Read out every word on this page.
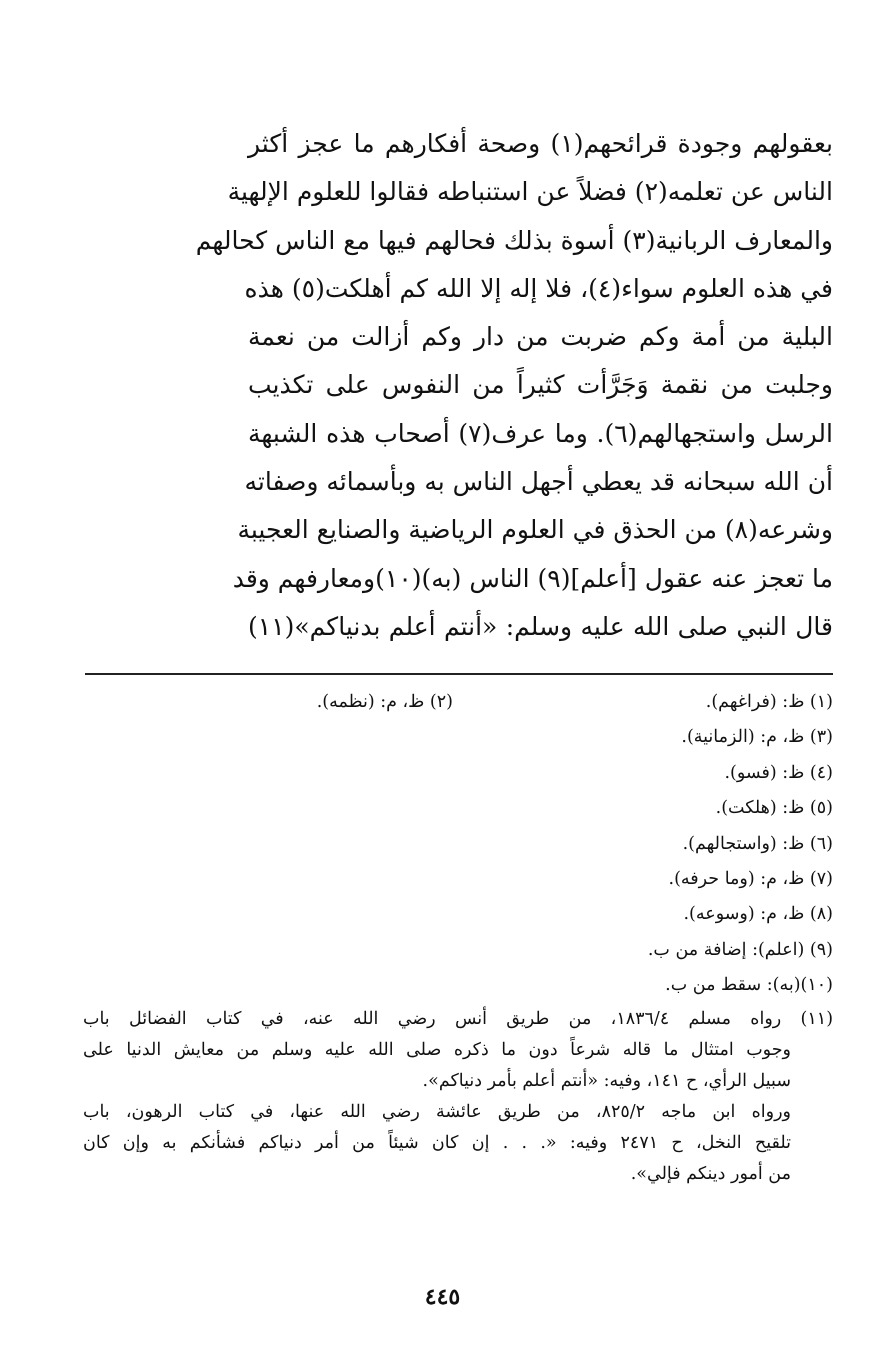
بعقولهم وجودة قرائحهم(١) وصحة أفكارهم ما عجز أكثر
الناس عن تعلمه(٢) فضلاً عن استنباطه فقالوا للعلوم الإلهية
والمعارف الربانية(٣) أسوة بذلك فحالهم فيها مع الناس كحالهم
في هذه العلوم سواء(٤)، فلا إله إلا الله كم أهلكت(٥) هذه
البلية من أمة وكم ضربت من دار وكم أزالت من نعمة
وجلبت من نقمة وَجَرَّأت كثيراً من النفوس على تكذيب
الرسل واستجهالهم(٦). وما عرف(٧) أصحاب هذه الشبهة
أن الله سبحانه قد يعطي أجهل الناس به وبأسمائه وصفاته
وشرعه(٨) من الحذق في العلوم الرياضية والصنايع العجيبة
ما تعجز عنه عقول [أعلم](٩) الناس (به)(١٠)ومعارفهم وقد
قال النبي صلى الله عليه وسلم: «أنتم أعلم بدنياكم»(١١)
(١) ظ: (فراغهم).
(٢) ظ، م: (نظمه).
(٣) ظ، م: (الزمانية).
(٤) ظ: (فسو).
(٥) ظ: (هلكت).
(٦) ظ: (واستجالهم).
(٧) ظ، م: (وما حرفه).
(٨) ظ، م: (وسوعه).
(٩) (اعلم): إضافة من ب.
(١٠)(به): سقط من ب.
(١١) رواه مسلم ١٨٣٦/٤، من طريق أنس رضي الله عنه، في كتاب الفضائل باب
وجوب امتثال ما قاله شرعاً دون ما ذكره صلى الله عليه وسلم من معايش الدنيا على
سبيل الرأي، ح ١٤١، وفيه: «أنتم أعلم بأمر دنياكم».
ورواه ابن ماجه ٨٢٥/٢، من طريق عائشة رضي الله عنها، في كتاب الرهون، باب
تلقيح النخل، ح ٢٤٧١ وفيه: «. . . إن كان شيئاً من أمر دنياكم فشأنكم به وإن كان
من أمور دينكم فإلي».
٤٤٥
